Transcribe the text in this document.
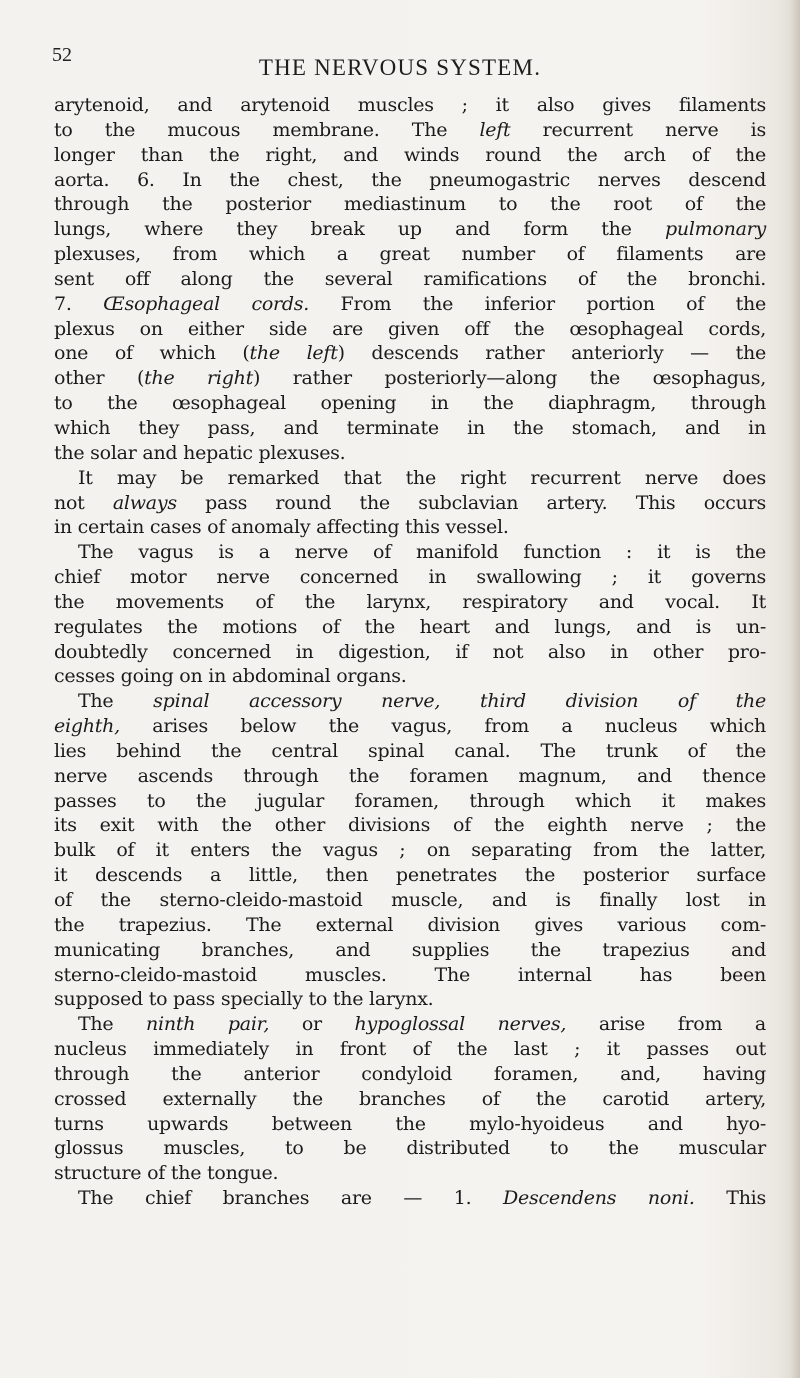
52	THE NERVOUS SYSTEM.
arytenoid, and arytenoid muscles ; it also gives filaments
to the mucous membrane. The left recurrent nerve is
longer than the right, and winds round the arch of the
aorta. 6. In the chest, the pneumogastric nerves descend
through the posterior mediastinum to the root of the
lungs, where they break up and form the pulmonary
plexuses, from which a great number of filaments are
sent off along the several ramifications of the bronchi.
7. Œsophageal cords. From the inferior portion of the
plexus on either side are given off the œsophageal cords,
one of which (the left) descends rather anteriorly — the
other (the right) rather posteriorly—along the œsophagus,
to the œsophageal opening in the diaphragm, through
which they pass, and terminate in the stomach, and in
the solar and hepatic plexuses.
It may be remarked that the right recurrent nerve does
not always pass round the subclavian artery. This occurs
in certain cases of anomaly affecting this vessel.
The vagus is a nerve of manifold function : it is the
chief motor nerve concerned in swallowing ; it governs
the movements of the larynx, respiratory and vocal. It
regulates the motions of the heart and lungs, and is un-
doubtedly concerned in digestion, if not also in other pro-
cesses going on in abdominal organs.
The spinal accessory nerve, third division of the
eighth, arises below the vagus, from a nucleus which
lies behind the central spinal canal. The trunk of the
nerve ascends through the foramen magnum, and thence
passes to the jugular foramen, through which it makes
its exit with the other divisions of the eighth nerve ; the
bulk of it enters the vagus ; on separating from the latter,
it descends a little, then penetrates the posterior surface
of the sterno-cleido-mastoid muscle, and is finally lost in
the trapezius. The external division gives various com-
municating branches, and supplies the trapezius and
sterno-cleido-mastoid muscles. The internal has been
supposed to pass specially to the larynx.
The ninth pair, or hypoglossal nerves, arise from a
nucleus immediately in front of the last ; it passes out
through the anterior condyloid foramen, and, having
crossed externally the branches of the carotid artery,
turns upwards between the mylo-hyoideus and hyo-
glossus muscles, to be distributed to the muscular
structure of the tongue.
The chief branches are — 1. Descendens noni. This
